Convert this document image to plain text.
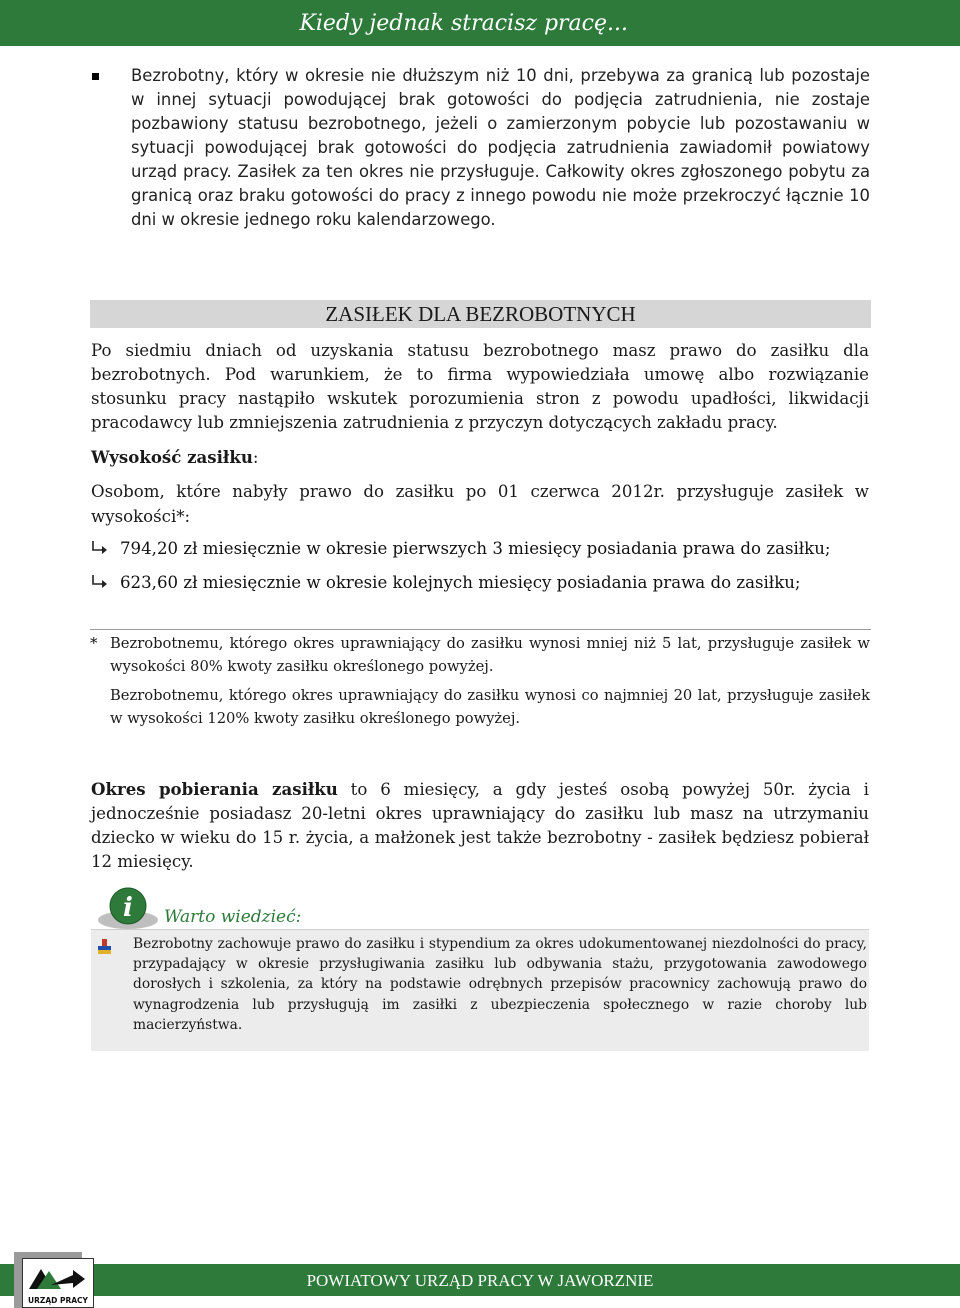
Kiedy jednak stracisz pracę...
Bezrobotny, który w okresie nie dłuższym niż 10 dni, przebywa za granicą lub pozostaje w innej sytuacji powodującej brak gotowości do podjęcia zatrudnienia, nie zostaje pozbawiony statusu bezrobotnego, jeżeli o zamierzonym pobycie lub pozostawaniu w sytuacji powodującej brak gotowości do podjęcia zatrudnienia zawiadomił powiatowy urząd pracy. Zasiłek za ten okres nie przysługuje. Całkowity okres zgłoszonego pobytu za granicą oraz braku gotowości do pracy z innego powodu nie może przekroczyć łącznie 10 dni w okresie jednego roku kalendarzowego.
ZASIŁEK DLA BEZROBOTNYCH
Po siedmiu dniach od uzyskania statusu bezrobotnego masz prawo do zasiłku dla bezrobotnych. Pod warunkiem, że to firma wypowiedziała umowę albo rozwiązanie stosunku pracy nastąpiło wskutek porozumienia stron z powodu upadłości, likwidacji pracodawcy lub zmniejszenia zatrudnienia z przyczyn dotyczących zakładu pracy.
Wysokość zasiłku:
Osobom, które nabyły prawo do zasiłku po 01 czerwca 2012r. przysługuje zasiłek w wysokości*:
794,20 zł miesięcznie w okresie pierwszych 3 miesięcy posiadania prawa do zasiłku;
623,60 zł miesięcznie w okresie kolejnych miesięcy posiadania prawa do zasiłku;
* Bezrobotnemu, którego okres uprawniający do zasiłku wynosi mniej niż 5 lat, przysługuje zasiłek w wysokości 80% kwoty zasiłku określonego powyżej.
Bezrobotnemu, którego okres uprawniający do zasiłku wynosi co najmniej 20 lat, przysługuje zasiłek w wysokości 120% kwoty zasiłku określonego powyżej.
Okres pobierania zasiłku to 6 miesięcy, a gdy jesteś osobą powyżej 50r. życia i jednocześnie posiadasz 20-letni okres uprawniający do zasiłku lub masz na utrzymaniu dziecko w wieku do 15 r. życia, a małżonek jest także bezrobotny - zasiłek będziesz pobierał 12 miesięcy.
i Warto wiedzieć:
Bezrobotny zachowuje prawo do zasiłku i stypendium za okres udokumentowanej niezdolności do pracy, przypadający w okresie przysługiwania zasiłku lub odbywania stażu, przygotowania zawodowego dorosłych i szkolenia, za który na podstawie odrębnych przepisów pracownicy zachowują prawo do wynagrodzenia lub przysługują im zasiłki z ubezpieczenia społecznego w razie choroby lub macierzyństwa.
POWIATOWY URZĄD PRACY W JAWORZNIE
URZĄD PRACY
